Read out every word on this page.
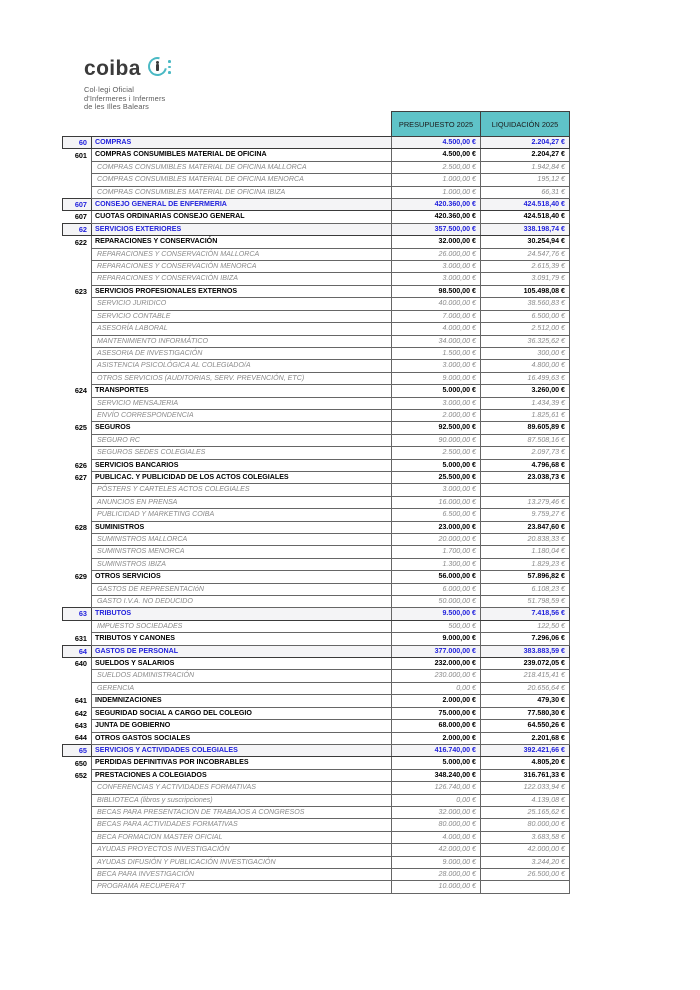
coiba
Col·legi Oficial
d'Infermeres i Infermers
de les Illes Balears
		PRESUPUESTO 2025	LIQUIDACIÓN 2025
60	COMPRAS	4.500,00 €	2.204,27 €
601	COMPRAS CONSUMIBLES MATERIAL DE OFICINA	4.500,00 €	2.204,27 €
	COMPRAS CONSUMIBLES MATERIAL DE OFICINA MALLORCA	2.500,00 €	1.942,84 €
	COMPRAS CONSUMIBLES MATERIAL DE OFICINA MENORCA	1.000,00 €	195,12 €
	COMPRAS CONSUMIBLES MATERIAL DE OFICINA IBIZA	1.000,00 €	66,31 €
607	CONSEJO GENERAL DE ENFERMERIA	420.360,00 €	424.518,40 €
607	CUOTAS ORDINARIAS CONSEJO GENERAL	420.360,00 €	424.518,40 €
62	SERVICIOS EXTERIORES	357.500,00 €	338.198,74 €
622	REPARACIONES Y CONSERVACIÓN	32.000,00 €	30.254,94 €
	REPARACIONES Y CONSERVACIÓN MALLORCA	26.000,00 €	24.547,76 €
	REPARACIONES Y CONSERVACIÓN MENORCA	3.000,00 €	2.615,39 €
	REPARACIONES Y CONSERVACIÓN IBIZA	3.000,00 €	3.091,79 €
623	SERVICIOS PROFESIONALES EXTERNOS	98.500,00 €	105.498,08 €
	SERVICIO JURIDICO	40.000,00 €	38.560,83 €
	SERVICIO CONTABLE	7.000,00 €	6.500,00 €
	ASESORÍA LABORAL	4.000,00 €	2.512,00 €
	MANTENIMIENTO INFORMÁTICO	34.000,00 €	36.325,62 €
	ASESORIA DE INVESTIGACIÓN	1.500,00 €	300,00 €
	ASISTENCIA PSICOLÓGICA AL COLEGIADO/A	3.000,00 €	4.800,00 €
	OTROS SERVICIOS (AUDITORIAS, SERV. PREVENCIÓN, ETC)	9.000,00 €	16.499,63 €
624	TRANSPORTES	5.000,00 €	3.260,00 €
	SERVICIO MENSAJERIA	3.000,00 €	1.434,39 €
	ENVÍO CORRESPONDENCIA	2.000,00 €	1.825,61 €
625	SEGUROS	92.500,00 €	89.605,89 €
	SEGURO RC	90.000,00 €	87.508,16 €
	SEGUROS SEDES COLEGIALES	2.500,00 €	2.097,73 €
626	SERVICIOS BANCARIOS	5.000,00 €	4.796,68 €
627	PUBLICAC. Y PUBLICIDAD DE LOS ACTOS COLEGIALES	25.500,00 €	23.038,73 €
	PÓSTERS Y CARTELES ACTOS COLEGIALES	3.000,00 €	
	ANUNCIOS EN PRENSA	16.000,00 €	13.279,46 €
	PUBLICIDAD Y MARKETING COIBA	6.500,00 €	9.759,27 €
628	SUMINISTROS	23.000,00 €	23.847,60 €
	SUMINISTROS MALLORCA	20.000,00 €	20.838,33 €
	SUMINISTROS MENORCA	1.700,00 €	1.180,04 €
	SUMINISTROS IBIZA	1.300,00 €	1.829,23 €
629	OTROS SERVICIOS	56.000,00 €	57.896,82 €
	GASTOS DE REPRESENTACIóN	6.000,00 €	6.108,23 €
	GASTO I.V.A. NO DEDUCIDO	50.000,00 €	51.798,59 €
63	TRIBUTOS	9.500,00 €	7.418,56 €
	IMPUESTO SOCIEDADES	500,00 €	122,50 €
631	TRIBUTOS Y CANONES	9.000,00 €	7.296,06 €
64	GASTOS DE PERSONAL	377.000,00 €	383.883,59 €
640	SUELDOS Y SALARIOS	232.000,00 €	239.072,05 €
	SUELDOS ADMINISTRACIÓN	230.000,00 €	218.415,41 €
	GERENCIA	0,00 €	20.656,64 €
641	INDEMNIZACIONES	2.000,00 €	479,30 €
642	SEGURIDAD SOCIAL A CARGO DEL COLEGIO	75.000,00 €	77.580,30 €
643	JUNTA DE GOBIERNO	68.000,00 €	64.550,26 €
644	OTROS GASTOS SOCIALES	2.000,00 €	2.201,68 €
65	SERVICIOS Y ACTIVIDADES COLEGIALES	416.740,00 €	392.421,66 €
650	PERDIDAS DEFINITIVAS POR INCOBRABLES	5.000,00 €	4.805,20 €
652	PRESTACIONES A COLEGIADOS	348.240,00 €	316.761,33 €
	CONFERENCIAS Y ACTIVIDADES FORMATIVAS	126.740,00 €	122.033,94 €
	BIBLIOTECA (libros y suscripciones)	0,00 €	4.139,08 €
	BECAS PARA PRESENTACION DE TRABAJOS A CONGRESOS	32.000,00 €	25.165,62 €
	BECAS PARA ACTIVIDADES FORMATIVAS	80.000,00 €	80.000,00 €
	BECA FORMACION MASTER OFICIAL	4.000,00 €	3.683,58 €
	AYUDAS PROYECTOS INVESTIGACIÓN	42.000,00 €	42.000,00 €
	AYUDAS DIFUSIÓN Y PUBLICACIÓN INVESTIGACIÓN	9.000,00 €	3.244,20 €
	BECA PARA INVESTIGACIÓN	28.000,00 €	26.500,00 €
	PROGRAMA RECUPERA'T	10.000,00 €	
